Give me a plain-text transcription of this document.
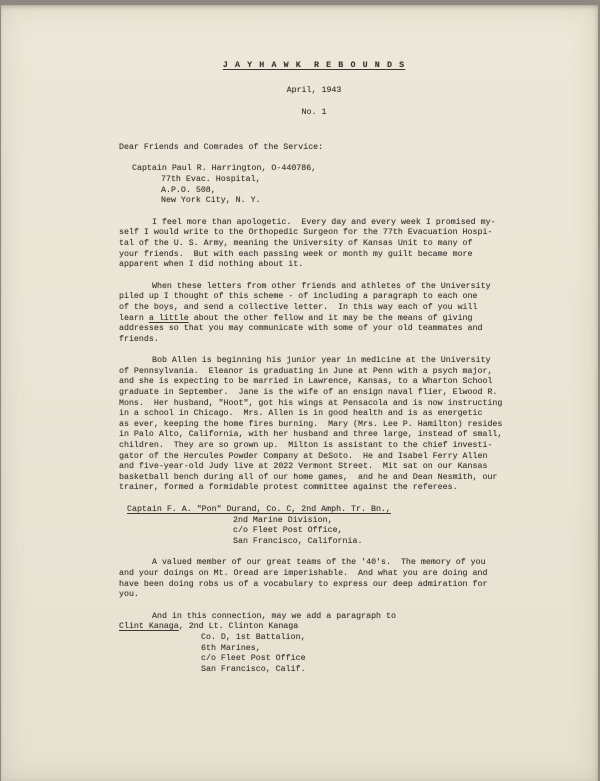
J A Y H A W K  R E B O U N D S
April, 1943
No. 1
Dear Friends and Comrades of the Service:
Captain Paul R. Harrington, O-440786,
77th Evac. Hospital,
A.P.O. 508,
New York City, N. Y.
I feel more than apologetic.  Every day and every week I promised my-
self I would write to the Orthopedic Surgeon for the 77th Evacuation Hospi-
tal of the U. S. Army, meaning the University of Kansas Unit to many of
your friends.  But with each passing week or month my guilt became more
apparent when I did nothing about it.
When these letters from other friends and athletes of the University
piled up I thought of this scheme - of including a paragraph to each one
of the boys, and send a collective letter.  In this way each of you will
learn a little about the other fellow and it may be the means of giving
addresses so that you may communicate with some of your old teammates and
friends.
Bob Allen is beginning his junior year in medicine at the University
of Pennsylvania.  Eleanor is graduating in June at Penn with a psych major,
and she is expecting to be married in Lawrence, Kansas, to a Wharton School
graduate in September.  Jane is the wife of an ensign naval flier, Elwood R.
Mons.  Her husband, "Hoot", got his wings at Pensacola and is now instructing
in a school in Chicago.  Mrs. Allen is in good health and is as energetic
as ever, keeping the home fires burning.  Mary (Mrs. Lee P. Hamilton) resides
in Palo Alto, California, with her husband and three large, instead of small,
children.  They are so grown up.  Milton is assistant to the chief investi-
gator of the Hercules Powder Company at DeSoto.  He and Isabel Ferry Allen
and five-year-old Judy live at 2022 Vermont Street.  Mit sat on our Kansas
basketball bench during all of our home games,  and he and Dean Nesmith, our
trainer, formed a formidable protest committee against the referees.
Captain F. A. "Pon" Durand, Co. C, 2nd Amph. Tr. Bn.,
2nd Marine Division,
c/o Fleet Post Office,
San Francisco, California.
A valued member of our great teams of the '40's.  The memory of you
and your doings on Mt. Oread are imperishable.  And what you are doing and
have been doing robs us of a vocabulary to express our deep admiration for
you.
And in this connection, may we add a paragraph to
Clint Kanaga, 2nd Lt. Clinton Kanaga
Co. D, 1st Battalion,
6th Marines,
c/o Fleet Post Office
San Francisco, Calif.
